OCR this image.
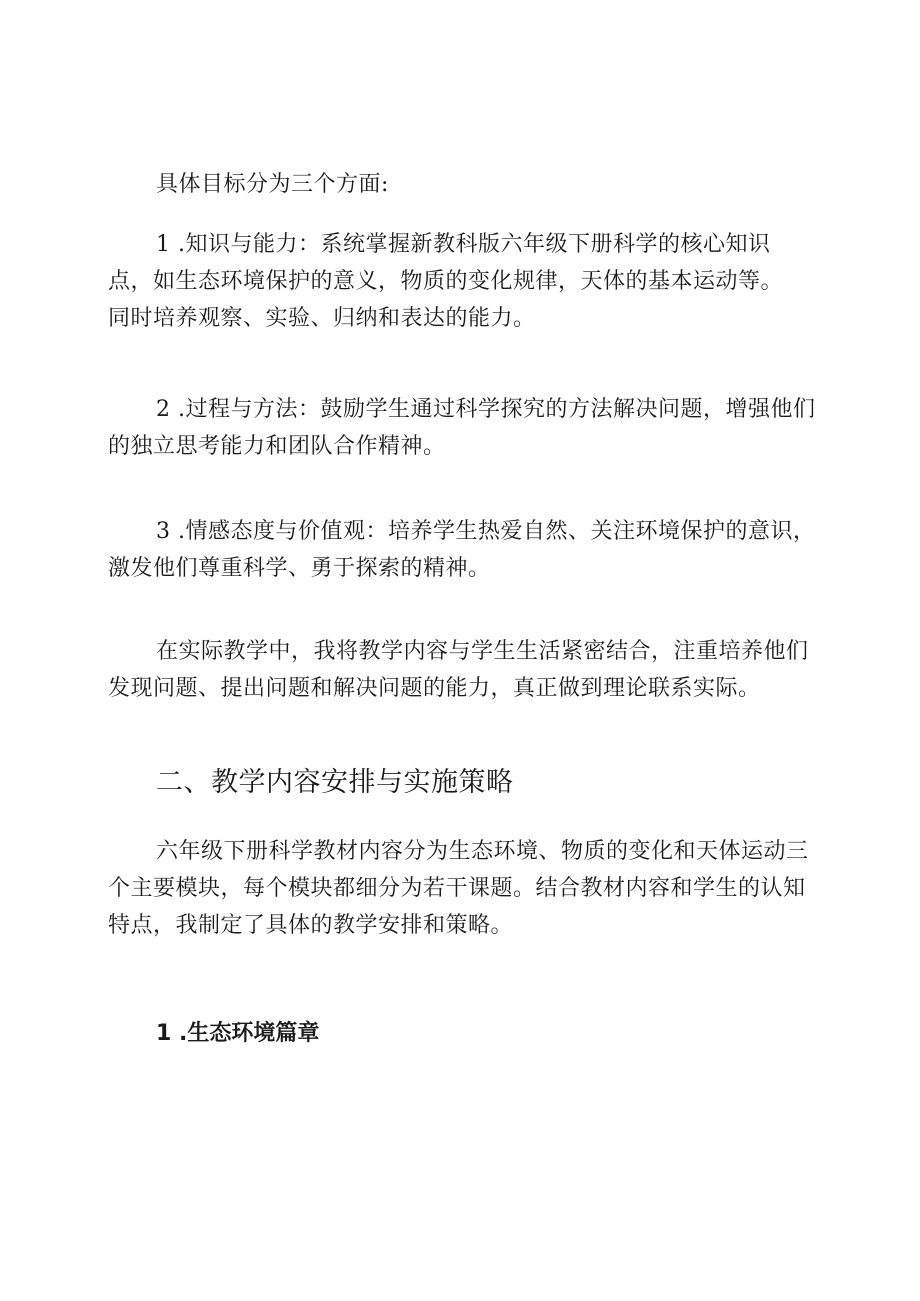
具体目标分为三个方面:

1 .知识与能力：系统掌握新教科版六年级下册科学的核心知识
点，如生态环境保护的意义，物质的变化规律，天体的基本运动等。
同时培养观察、实验、归纳和表达的能力。

2 .过程与方法：鼓励学生通过科学探究的方法解决问题，增强他们
的独立思考能力和团队合作精神。

3 .情感态度与价值观：培养学生热爱自然、关注环境保护的意识，
激发他们尊重科学、勇于探索的精神。

在实际教学中，我将教学内容与学生生活紧密结合，注重培养他们
发现问题、提出问题和解决问题的能力，真正做到理论联系实际。

二、教学内容安排与实施策略

六年级下册科学教材内容分为生态环境、物质的变化和天体运动三
个主要模块，每个模块都细分为若干课题。结合教材内容和学生的认知
特点，我制定了具体的教学安排和策略。

1 .生态环境篇章
